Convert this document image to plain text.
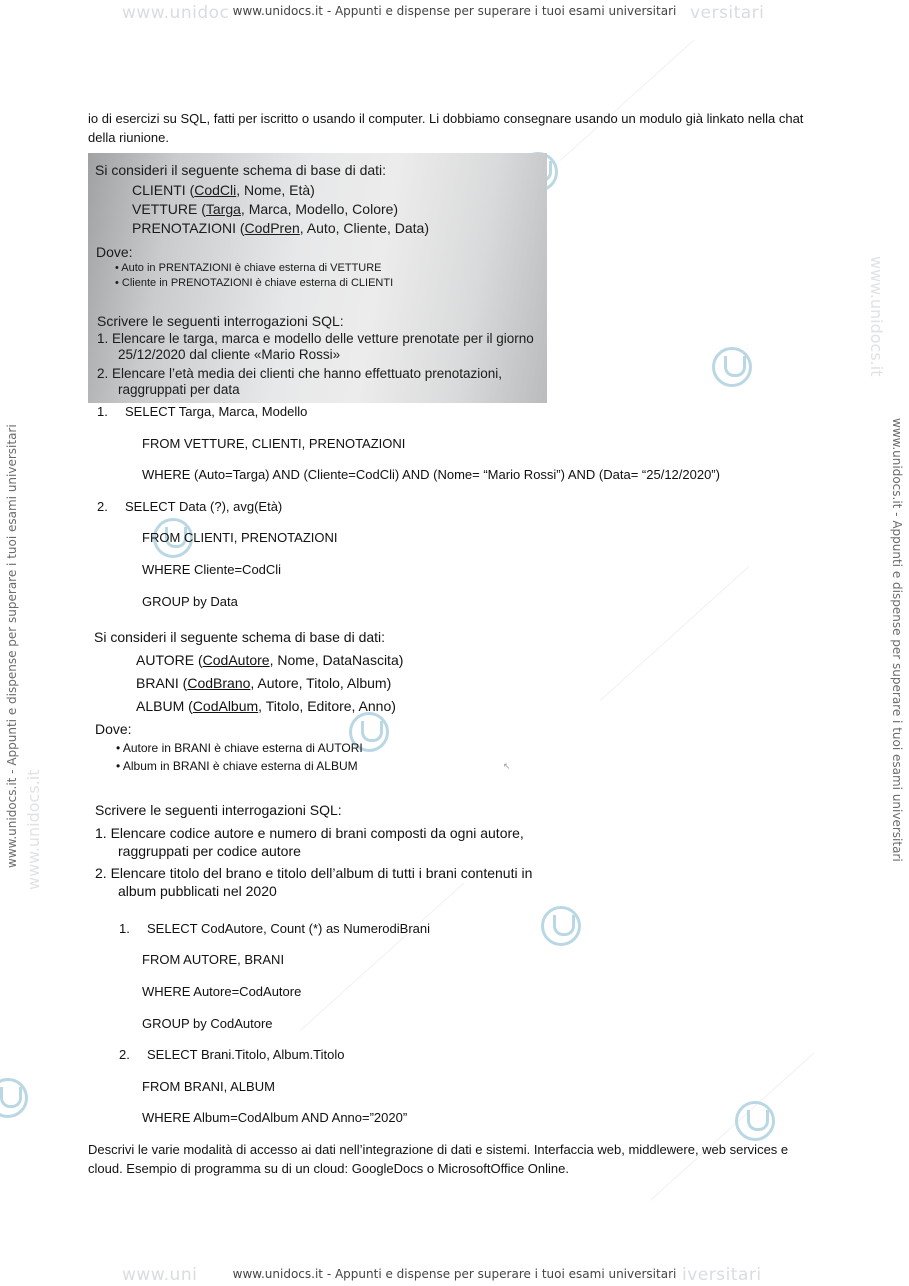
www.unidoc	versitari
www.uni	iversitari
www.unidocs.it
www.unidocs.it
www.unidocs.it - Appunti e dispense per superare i tuoi esami universitari
www.unidocs.it - Appunti e dispense per superare i tuoi esami universitari
www.unidocs.it - Appunti e dispense per superare i tuoi esami universitari	www.unidocs.it - Appunti e dispense per superare i tuoi esami universitari
io di esercizi su SQL, fatti per iscritto o usando il computer. Li dobbiamo consegnare usando un modulo già linkato nella chat della riunione.
Si consideri il seguente schema di base di dati:
CLIENTI (CodCli, Nome, Età)
VETTURE (Targa, Marca, Modello, Colore)
PRENOTAZIONI (CodPren, Auto, Cliente, Data)
Dove:
• Auto in PRENTAZIONI è chiave esterna di VETTURE
• Cliente in PRENOTAZIONI è chiave esterna di CLIENTI
Scrivere le seguenti interrogazioni SQL:
1. Elencare le targa, marca e modello delle vetture prenotate per il giorno
25/12/2020 dal cliente «Mario Rossi»
2. Elencare l’età media dei clienti che hanno effettuato prenotazioni,
raggruppati per data
1. SELECT Targa, Marca, Modello
FROM VETTURE, CLIENTI, PRENOTAZIONI
WHERE (Auto=Targa) AND (Cliente=CodCli) AND (Nome= “Mario Rossi”) AND (Data= “25/12/2020”)
2. SELECT Data (?), avg(Età)
FROM CLIENTI, PRENOTAZIONI
WHERE Cliente=CodCli
GROUP by Data
Si consideri il seguente schema di base di dati:
AUTORE (CodAutore, Nome, DataNascita)
BRANI (CodBrano, Autore, Titolo, Album)
ALBUM (CodAlbum, Titolo, Editore, Anno)
Dove:
• Autore in BRANI è chiave esterna di AUTORI
• Album in BRANI è chiave esterna di ALBUM	↖
Scrivere le seguenti interrogazioni SQL:
1. Elencare codice autore e numero di brani composti da ogni autore,
raggruppati per codice autore
2. Elencare titolo del brano e titolo dell’album di tutti i brani contenuti in
album pubblicati nel 2020
1. SELECT CodAutore, Count (*) as NumerodiBrani
FROM AUTORE, BRANI
WHERE Autore=CodAutore
GROUP by CodAutore
2. SELECT Brani.Titolo, Album.Titolo
FROM BRANI, ALBUM
WHERE Album=CodAlbum AND Anno=”2020”
Descrivi le varie modalità di accesso ai dati nell’integrazione di dati e sistemi. Interfaccia web, middlewere, web services e cloud. Esempio di programma su di un cloud: GoogleDocs o MicrosoftOffice Online.
